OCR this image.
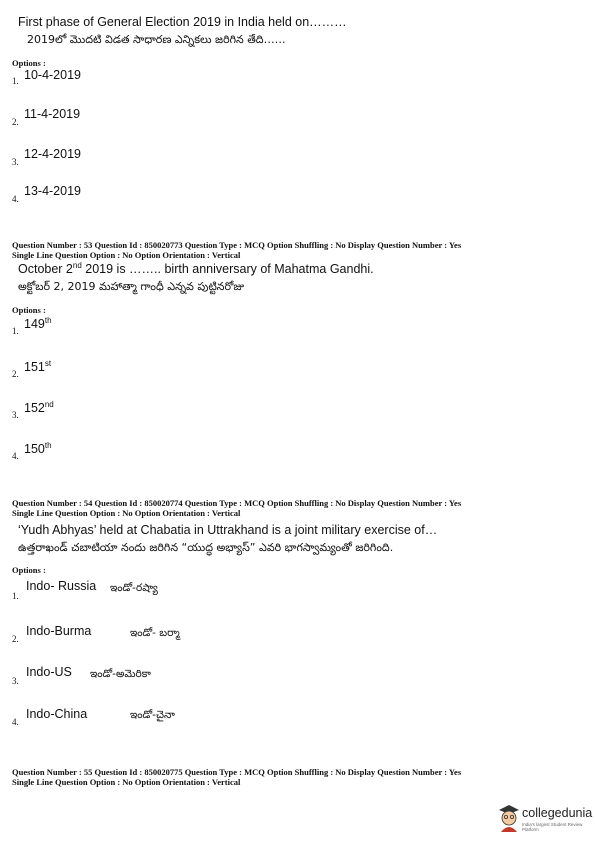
First phase of General Election 2019 in India held on………
2019లో మొదటి విడత సాధారణ ఎన్నికలు జరిగిన తేది……
Options :
1. 10-4-2019
2.
11-4-2019
3.
12-4-2019
4.
13-4-2019
Question Number : 53 Question Id : 850020773 Question Type : MCQ Option Shuffling : No Display Question Number : Yes
Single Line Question Option : No Option Orientation : Vertical
October 2nd 2019 is …….. birth anniversary of Mahatma Gandhi.
అక్టోబర్ 2, 2019 మహాత్మా గాంధీ ఎన్నవ పుట్టినరోజు
Options :
1. 149th
2. 151st
3. 152nd
4. 150th
Question Number : 54 Question Id : 850020774 Question Type : MCQ Option Shuffling : No Display Question Number : Yes
Single Line Question Option : No Option Orientation : Vertical
‘Yudh Abhyas’ held at Chabatia in Uttrakhand is a joint military exercise of…
ఉత్తరాఖండ్ చబాటియా నందు జరిగిన “యుద్ధ అభ్యాస్” ఎవరి భాగస్వామ్యంతో జరిగింది.
Options :
1.
Indo- Russia ఇండో-రష్యా
2.
Indo-Burma	ఇండో- బర్మా
3.
Indo-US ఇండో-అమెరికా
4.
Indo-China	ఇండో-చైనా
Question Number : 55 Question Id : 850020775 Question Type : MCQ Option Shuffling : No Display Question Number : Yes
Single Line Question Option : No Option Orientation : Vertical
collegedunia
India's largest Student Review Platform
